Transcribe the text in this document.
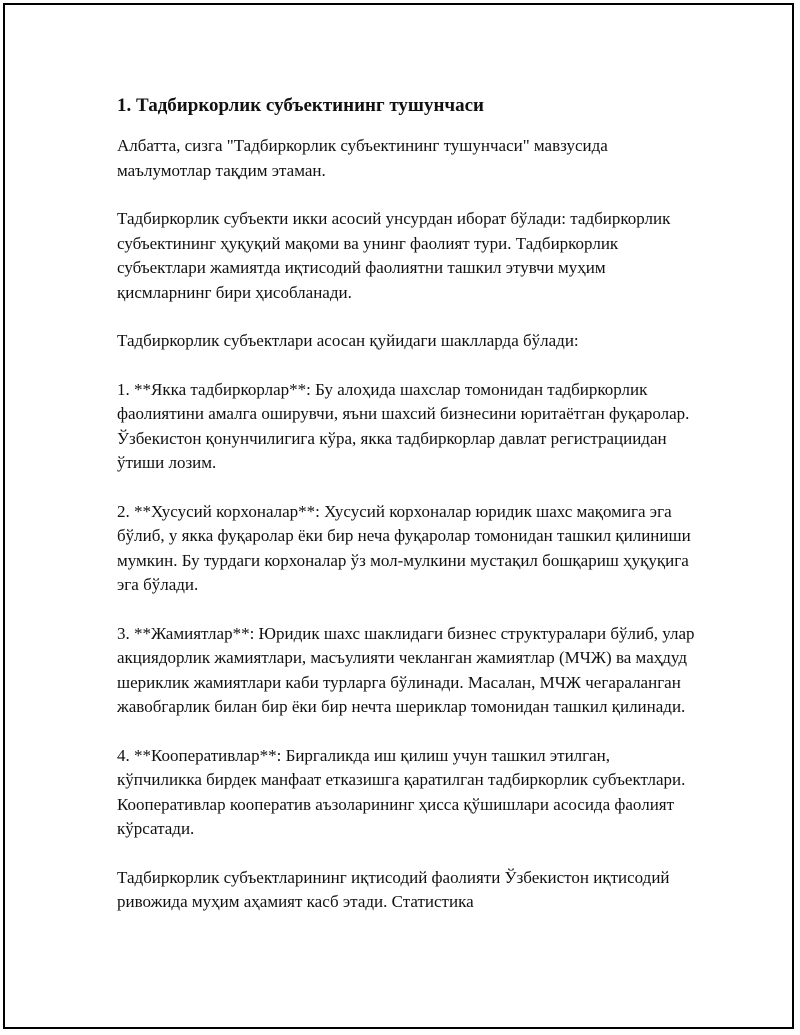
1. Тадбиркорлик субъектининг тушунчаси

Албатта, сизга "Тадбиркорлик субъектининг тушунчаси" мавзусида маълумотлар тақдим этаман.

Тадбиркорлик субъекти икки асосий унсурдан иборат бўлади: тадбиркорлик субъектининг ҳуқуқий мақоми ва унинг фаолият тури. Тадбиркорлик субъектлари жамиятда иқтисодий фаолиятни ташкил этувчи муҳим қисмларнинг бири ҳисобланади.

Тадбиркорлик субъектлари асосан қуйидаги шаклларда бўлади:

1. **Якка тадбиркорлар**: Бу алоҳида шахслар томонидан тадбиркорлик фаолиятини амалга оширувчи, яъни шахсий бизнесини юритаётган фуқаролар. Ўзбекистон қонунчилигига кўра, якка тадбиркорлар давлат регистрациидан ўтиши лозим.

2. **Хусусий корхоналар**: Хусусий корхоналар юридик шахс мақомига эга бўлиб, у якка фуқаролар ёки бир неча фуқаролар томонидан ташкил қилиниши мумкин. Бу турдаги корхоналар ўз мол-мулкини мустақил бошқариш ҳуқуқига эга бўлади.

3. **Жамиятлар**: Юридик шахс шаклидаги бизнес структуралари бўлиб, улар акциядорлик жамиятлари, масъулияти чекланган жамиятлар (МЧЖ) ва маҳдуд шериклик жамиятлари каби турларга бўлинади. Масалан, МЧЖ чегараланган жавобгарлик билан бир ёки бир нечта шериклар томонидан ташкил қилинади.

4. **Кооперативлар**: Биргаликда иш қилиш учун ташкил этилган, кўпчиликка бирдек манфаат етказишга қаратилган тадбиркорлик субъектлари. Кооперативлар кооператив аъзоларининг ҳисса қўшишлари асосида фаолият кўрсатади.

Тадбиркорлик субъектларининг иқтисодий фаолияти Ўзбекистон иқтисодий ривожида муҳим аҳамият касб этади. Статистика
